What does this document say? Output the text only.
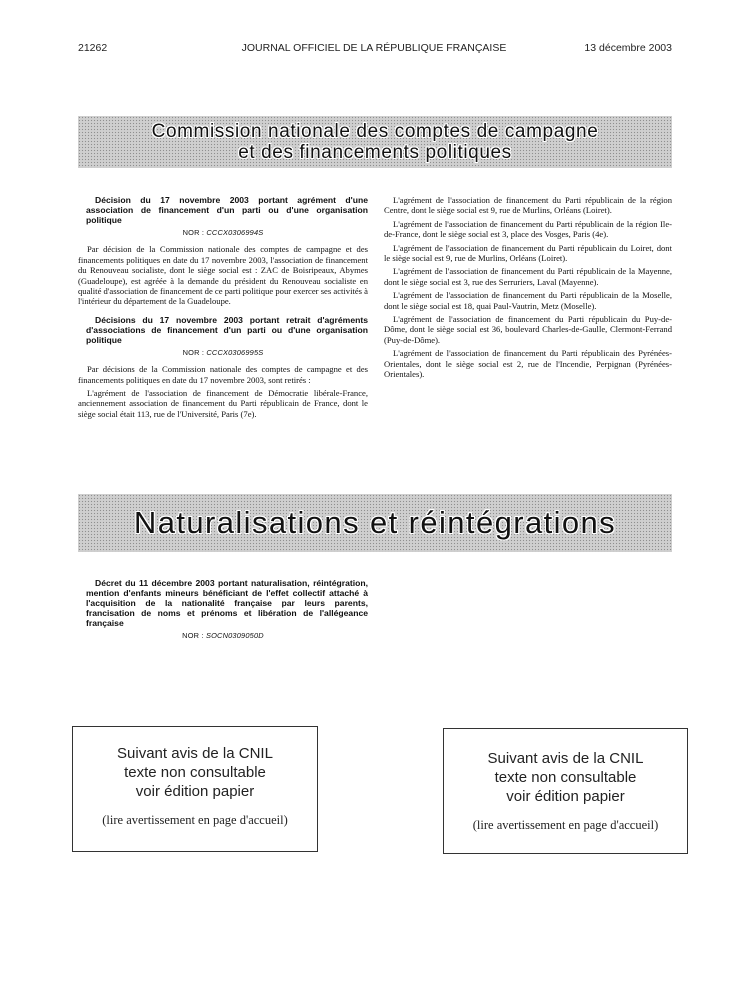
21262	JOURNAL OFFICIEL DE LA RÉPUBLIQUE FRANÇAISE	13 décembre 2003
Commission nationale des comptes de campagne
et des financements politiques

Décision du 17 novembre 2003 portant agrément d'une association de financement d'un parti ou d'une organisation politique

NOR : CCCX0306994S

Par décision de la Commission nationale des comptes de campagne et des financements politiques en date du 17 novembre 2003, l'association de financement du Renouveau socialiste, dont le siège social est : ZAC de Boisripeaux, Abymes (Guadeloupe), est agréée à la demande du président du Renouveau socialiste en qualité d'association de financement de ce parti politique pour exercer ses activités à l'intérieur du département de la Guadeloupe.

Décisions du 17 novembre 2003 portant retrait d'agréments d'associations de financement d'un parti ou d'une organisation politique

NOR : CCCX0306995S

Par décisions de la Commission nationale des comptes de campagne et des financements politiques en date du 17 novembre 2003, sont retirés :

L'agrément de l'association de financement de Démocratie libérale-France, anciennement association de financement du Parti républicain de France, dont le siège social était 113, rue de l'Université, Paris (7e).

L'agrément de l'association de financement du Parti républicain de la région Centre, dont le siège social est 9, rue de Murlins, Orléans (Loiret).

L'agrément de l'association de financement du Parti républicain de la région Ile-de-France, dont le siège social est 3, place des Vosges, Paris (4e).

L'agrément de l'association de financement du Parti républicain du Loiret, dont le siège social est 9, rue de Murlins, Orléans (Loiret).

L'agrément de l'association de financement du Parti républicain de la Mayenne, dont le siège social est 3, rue des Serruriers, Laval (Mayenne).

L'agrément de l'association de financement du Parti républicain de la Moselle, dont le siège social est 18, quai Paul-Vautrin, Metz (Moselle).

L'agrément de l'association de financement du Parti républicain du Puy-de-Dôme, dont le siège social est 36, boulevard Charles-de-Gaulle, Clermont-Ferrand (Puy-de-Dôme).

L'agrément de l'association de financement du Parti républicain des Pyrénées-Orientales, dont le siège social est 2, rue de l'Incendie, Perpignan (Pyrénées-Orientales).

Naturalisations et réintégrations

Décret du 11 décembre 2003 portant naturalisation, réintégration, mention d'enfants mineurs bénéficiant de l'effet collectif attaché à l'acquisition de la nationalité française par leurs parents, francisation de noms et prénoms et libération de l'allégeance française

NOR : SOCN0309050D
Suivant avis de la CNIL
texte non consultable
voir édition papier
(lire avertissement en page d'accueil)
Suivant avis de la CNIL
texte non consultable
voir édition papier
(lire avertissement en page d'accueil)
